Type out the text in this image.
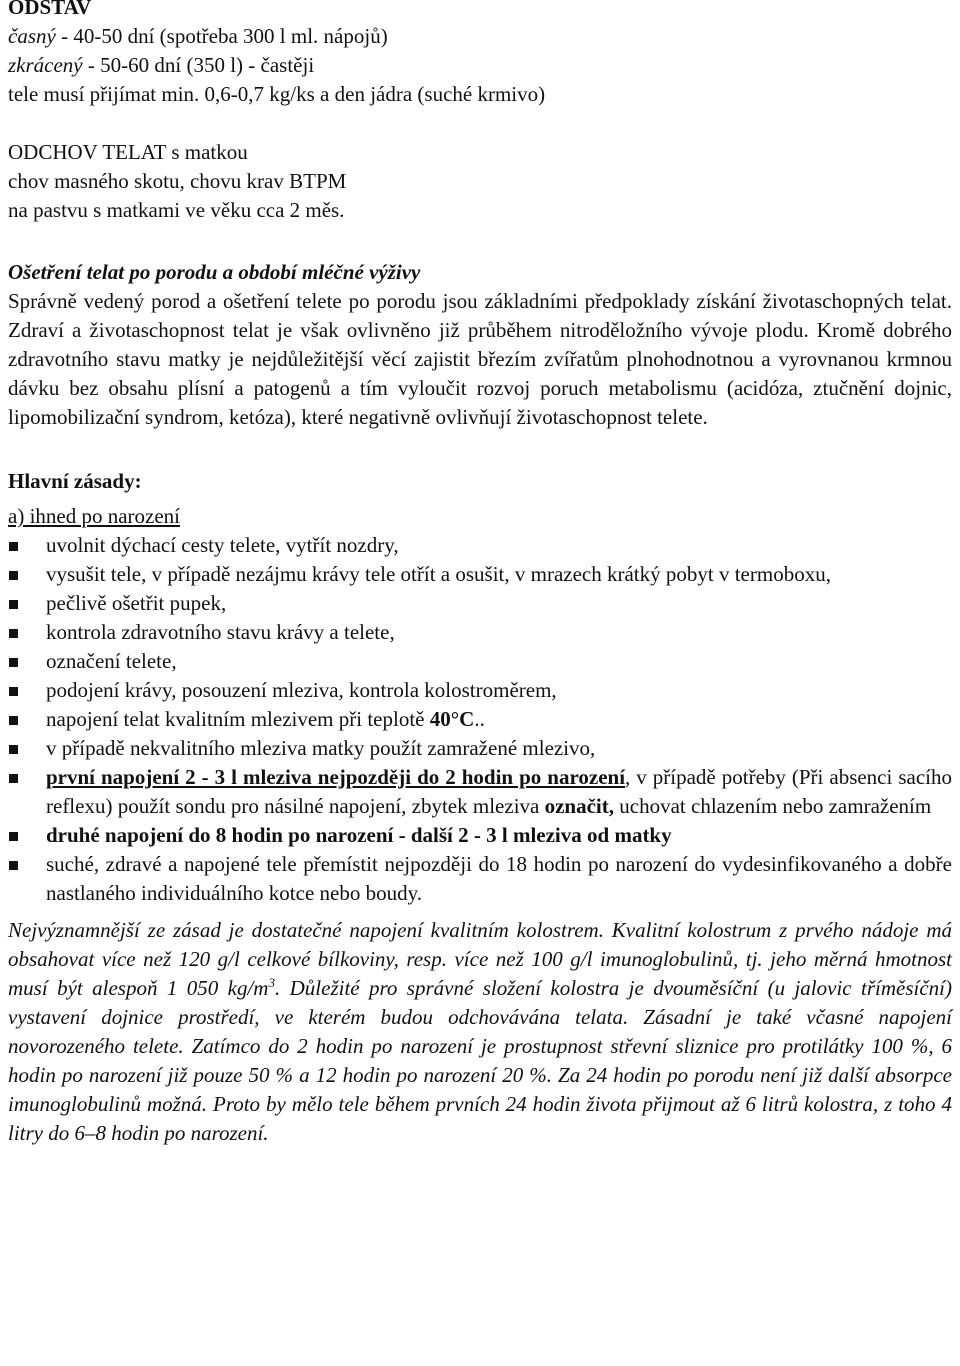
ODSTAV
časný - 40-50 dní (spotřeba 300 l ml. nápojů)
zkrácený - 50-60 dní (350 l) - častěji
tele musí přijímat min. 0,6-0,7 kg/ks a den jádra (suché krmivo)
ODCHOV TELAT s matkou
chov masného skotu, chovu krav BTPM
na pastvu s matkami ve věku cca 2 měs.
Ošetření telat po porodu a období mléčné výživy

Správně vedený porod a ošetření telete po porodu jsou základními předpoklady získání životaschopných telat. Zdraví a životaschopnost telat je však ovlivněno již průběhem nitroděložního vývoje plodu. Kromě dobrého zdravotního stavu matky je nejdůležitější věcí zajistit březím zvířatům plnohodnotnou a vyrovnanou krmnou dávku bez obsahu plísní a patogenů a tím vyloučit rozvoj poruch metabolismu (acidóza, ztučnění dojnic, lipomobilizační syndrom, ketóza), které negativně ovlivňují životaschopnost telete.

Hlavní zásady:
a) ihned po narození
uvolnit dýchací cesty telete, vytřít nozdry,
vysušit tele, v případě nezájmu krávy tele otřít a osušit, v mrazech krátký pobyt v termoboxu,
pečlivě ošetřit pupek,
kontrola zdravotního stavu krávy a telete,
označení telete,
podojení krávy, posouzení mleziva, kontrola kolostroměrem,
napojení telat kvalitním mlezivem při teplotě 40°C..
v případě nekvalitního mleziva matky použít zamražené mlezivo,
první napojení 2 - 3 l mleziva nejpozději do 2 hodin po narození, v případě potřeby (Při absenci sacího reflexu) použít sondu pro násilné napojení, zbytek mleziva označit, uchovat chlazením nebo zamražením
druhé napojení do 8 hodin po narození - další 2 - 3 l mleziva od matky
suché, zdravé a napojené tele přemístit nejpozději do 18 hodin po narození do vydesinfikovaného a dobře nastlaného individuálního kotce nebo boudy.

Nejvýznamnější ze zásad je dostatečné napojení kvalitním kolostrem. Kvalitní kolostrum z prvého nádoje má obsahovat více než 120 g/l celkové bílkoviny, resp. více než 100 g/l imunoglobulinů, tj. jeho měrná hmotnost musí být alespoň 1 050 $kg/m^3$. Důležité pro správné složení kolostra je dvouměsíční (u jalovic tříměsíční) vystavení dojnice prostředí, ve kterém budou odchovávána telata. Zásadní je také včasné napojení novorozeného telete. Zatímco do 2 hodin po narození je prostupnost střevní sliznice pro protilátky 100 %, 6 hodin po narození již pouze 50 % a 12 hodin po narození 20 %. Za 24 hodin po porodu není již další absorpce imunoglobulinů možná. Proto by mělo tele během prvních 24 hodin života přijmout až 6 litrů kolostra, z toho 4 litry do 6–8 hodin po narození.
